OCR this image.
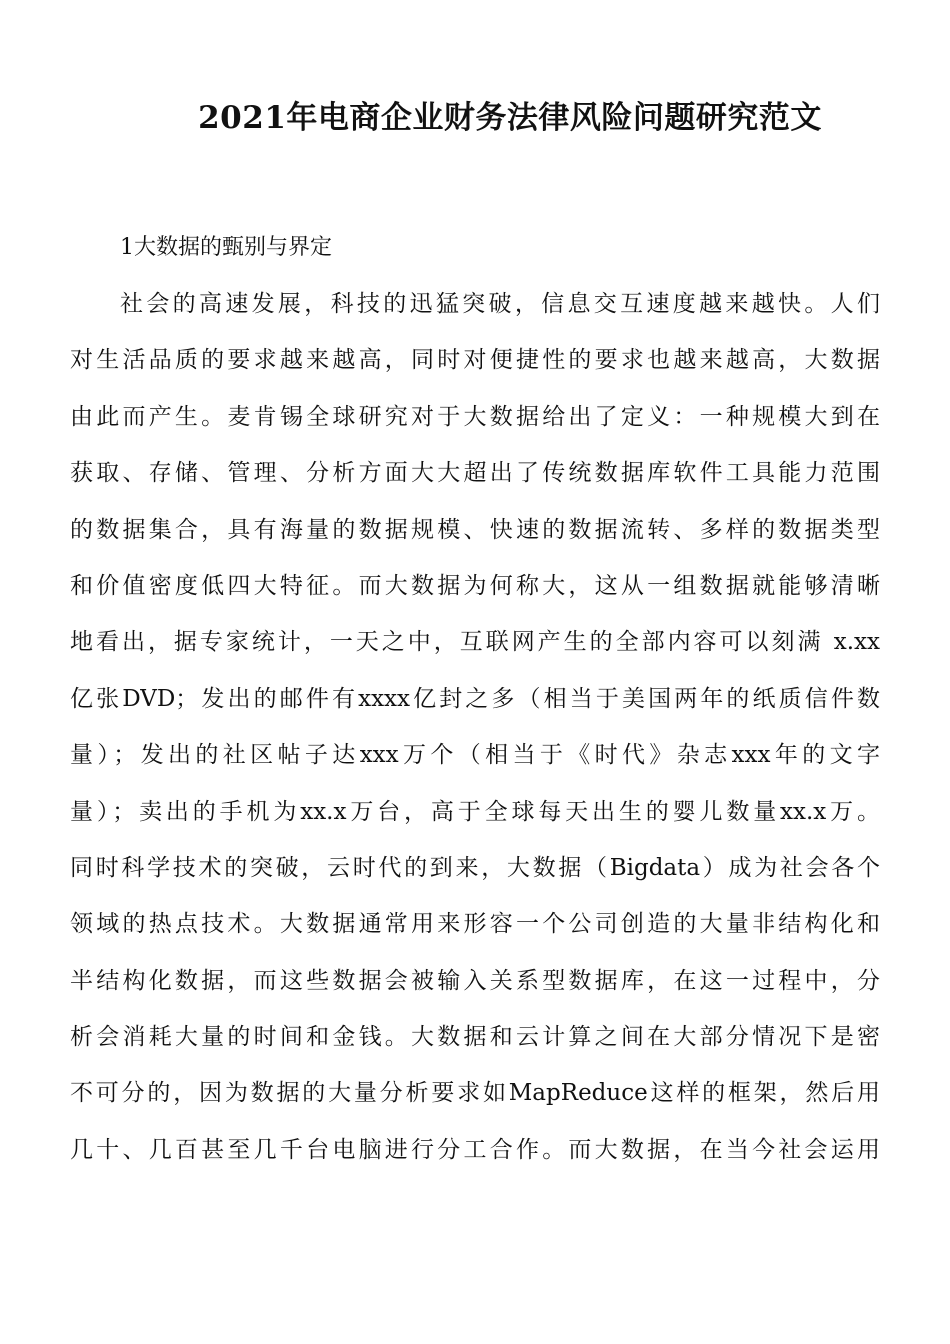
2021年电商企业财务法律风险问题研究范文

1大数据的甄别与界定

社会的高速发展，科技的迅猛突破，信息交互速度越来越快。人们
对生活品质的要求越来越高，同时对便捷性的要求也越来越高，大数据
由此而产生。麦肯锡全球研究对于大数据给出了定义：一种规模大到在
获取、存储、管理、分析方面大大超出了传统数据库软件工具能力范围
的数据集合，具有海量的数据规模、快速的数据流转、多样的数据类型
和价值密度低四大特征。而大数据为何称大，这从一组数据就能够清晰
地看出，据专家统计，一天之中，互联网产生的全部内容可以刻满 x.xx
亿张DVD；发出的邮件有xxxx亿封之多（相当于美国两年的纸质信件数
量）；发出的社区帖子达xxx万个（相当于《时代》杂志xxx年的文字
量）；卖出的手机为xx.x万台，高于全球每天出生的婴儿数量xx.x万。
同时科学技术的突破，云时代的到来，大数据（Bigdata）成为社会各个
领域的热点技术。大数据通常用来形容一个公司创造的大量非结构化和
半结构化数据，而这些数据会被输入关系型数据库，在这一过程中，分
析会消耗大量的时间和金钱。大数据和云计算之间在大部分情况下是密
不可分的，因为数据的大量分析要求如MapReduce这样的框架，然后用
几十、几百甚至几千台电脑进行分工合作。而大数据，在当今社会运用
